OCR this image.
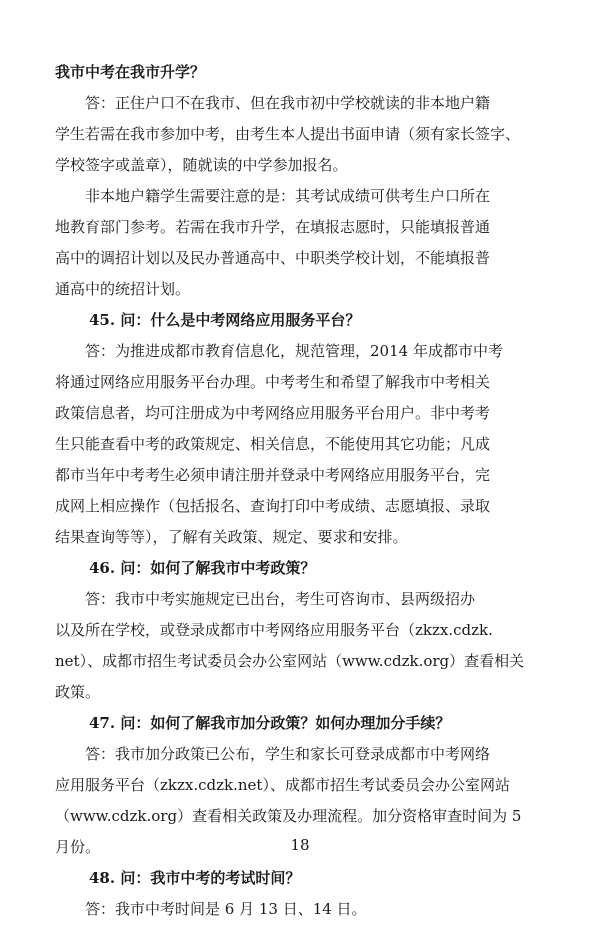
我市中考在我市升学？
答：正住户口不在我市、但在我市初中学校就读的非本地户籍
学生若需在我市参加中考，由考生本人提出书面申请（须有家长签字、
学校签字或盖章），随就读的中学参加报名。
非本地户籍学生需要注意的是：其考试成绩可供考生户口所在
地教育部门参考。若需在我市升学，在填报志愿时，只能填报普通
高中的调招计划以及民办普通高中、中职类学校计划，不能填报普
通高中的统招计划。
45. 问：什么是中考网络应用服务平台？
答：为推进成都市教育信息化，规范管理，2014 年成都市中考
将通过网络应用服务平台办理。中考考生和希望了解我市中考相关
政策信息者，均可注册成为中考网络应用服务平台用户。非中考考
生只能查看中考的政策规定、相关信息，不能使用其它功能；凡成
都市当年中考考生必须申请注册并登录中考网络应用服务平台，完
成网上相应操作（包括报名、查询打印中考成绩、志愿填报、录取
结果查询等等），了解有关政策、规定、要求和安排。
46. 问：如何了解我市中考政策？
答：我市中考实施规定已出台，考生可咨询市、县两级招办
以及所在学校，或登录成都市中考网络应用服务平台（zkzx.cdzk.
net）、成都市招生考试委员会办公室网站（www.cdzk.org）查看相关
政策。
47. 问：如何了解我市加分政策？如何办理加分手续？
答：我市加分政策已公布，学生和家长可登录成都市中考网络
应用服务平台（zkzx.cdzk.net）、成都市招生考试委员会办公室网站
（www.cdzk.org）查看相关政策及办理流程。加分资格审查时间为 5
月份。
48. 问：我市中考的考试时间？
答：我市中考时间是 6 月 13 日、14 日。
18
